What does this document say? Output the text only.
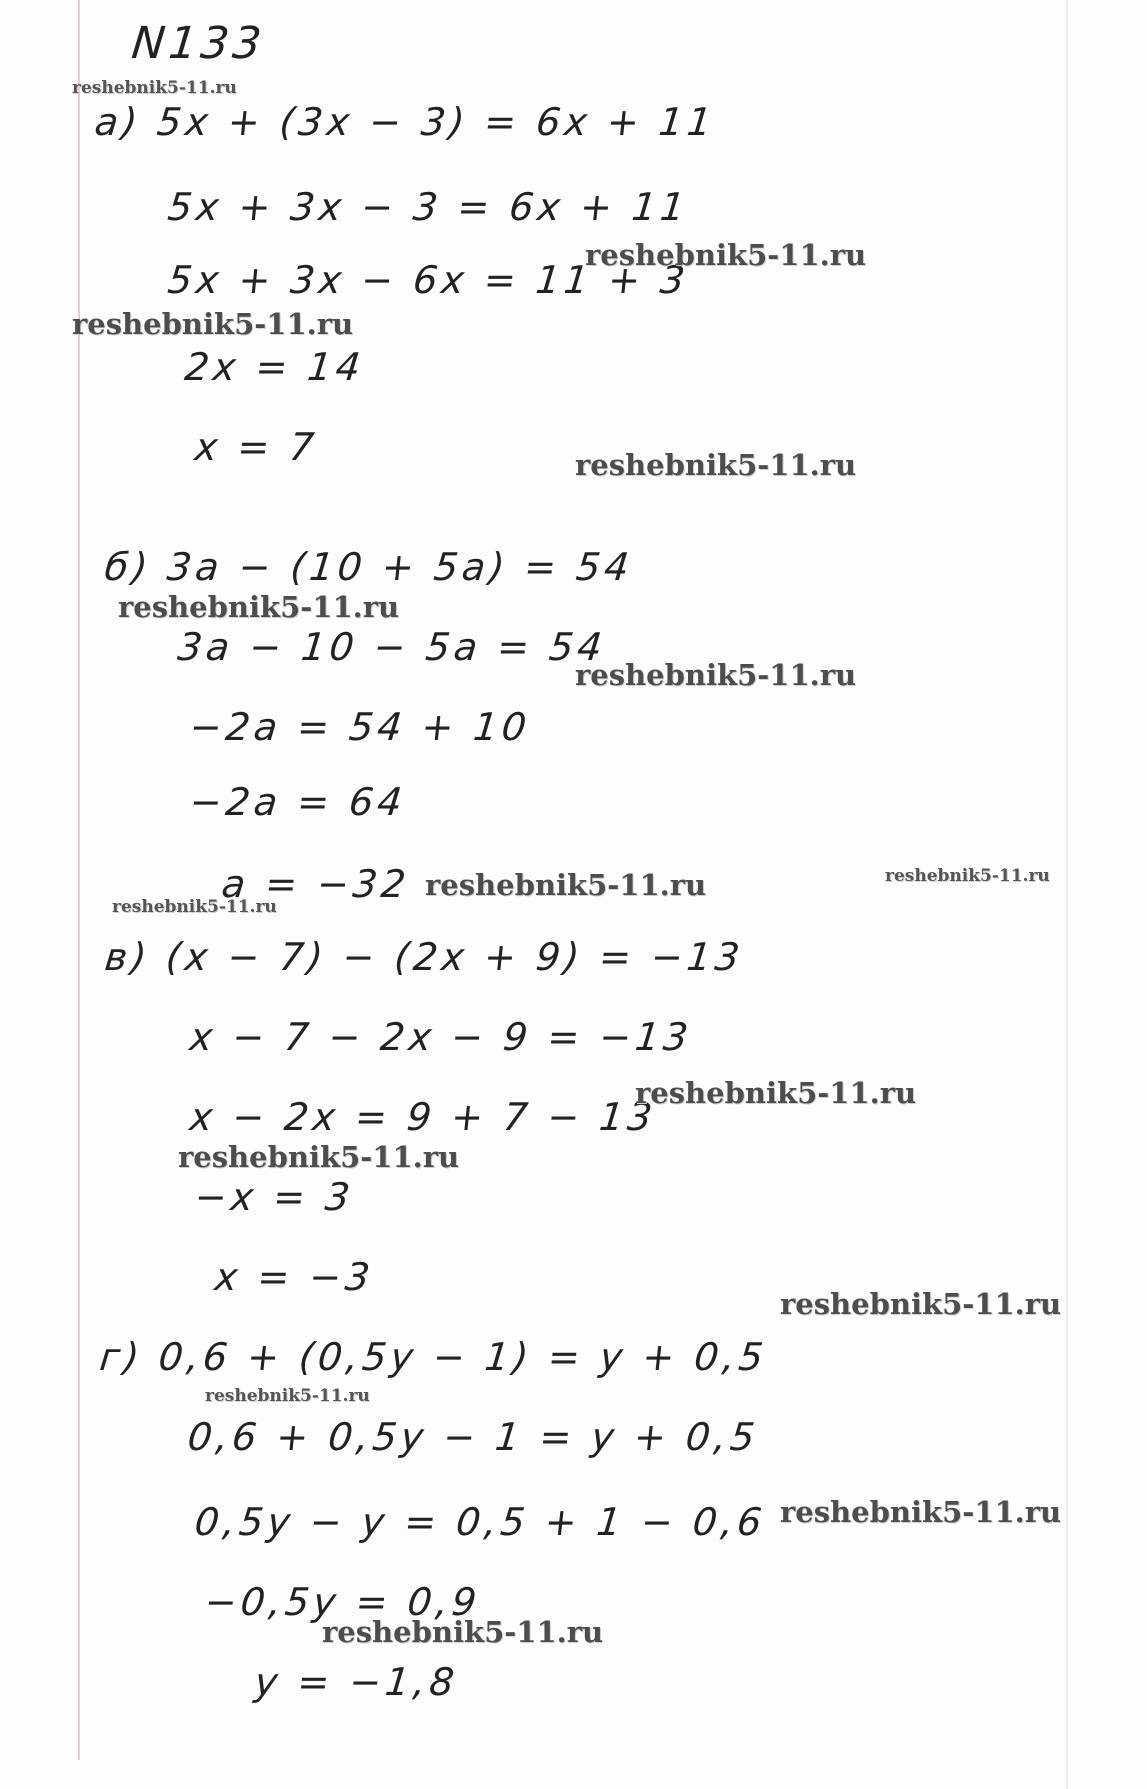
N133
а) 5x + (3x − 3) = 6x + 11
5x + 3x − 3 = 6x + 11
5x + 3x − 6x = 11 + 3
2x = 14
x = 7
б) 3a − (10 + 5a) = 54
3a − 10 − 5a = 54
−2a = 54 + 10
−2a = 64
a = −32
в) (x − 7) − (2x + 9) = −13
x − 7 − 2x − 9 = −13
x − 2x = 9 + 7 − 13
−x = 3
x = −3
г) 0,6 + (0,5y − 1) = y + 0,5
0,6 + 0,5y − 1 = y + 0,5
0,5y − y = 0,5 + 1 − 0,6
−0,5y = 0,9
y = −1,8
reshebnik5-11.ru
reshebnik5-11.ru
reshebnik5-11.ru
reshebnik5-11.ru
reshebnik5-11.ru
reshebnik5-11.ru
reshebnik5-11.ru	reshebnik5-11.ru
reshebnik5-11.ru
reshebnik5-11.ru
reshebnik5-11.ru
reshebnik5-11.ru
reshebnik5-11.ru
reshebnik5-11.ru
reshebnik5-11.ru
